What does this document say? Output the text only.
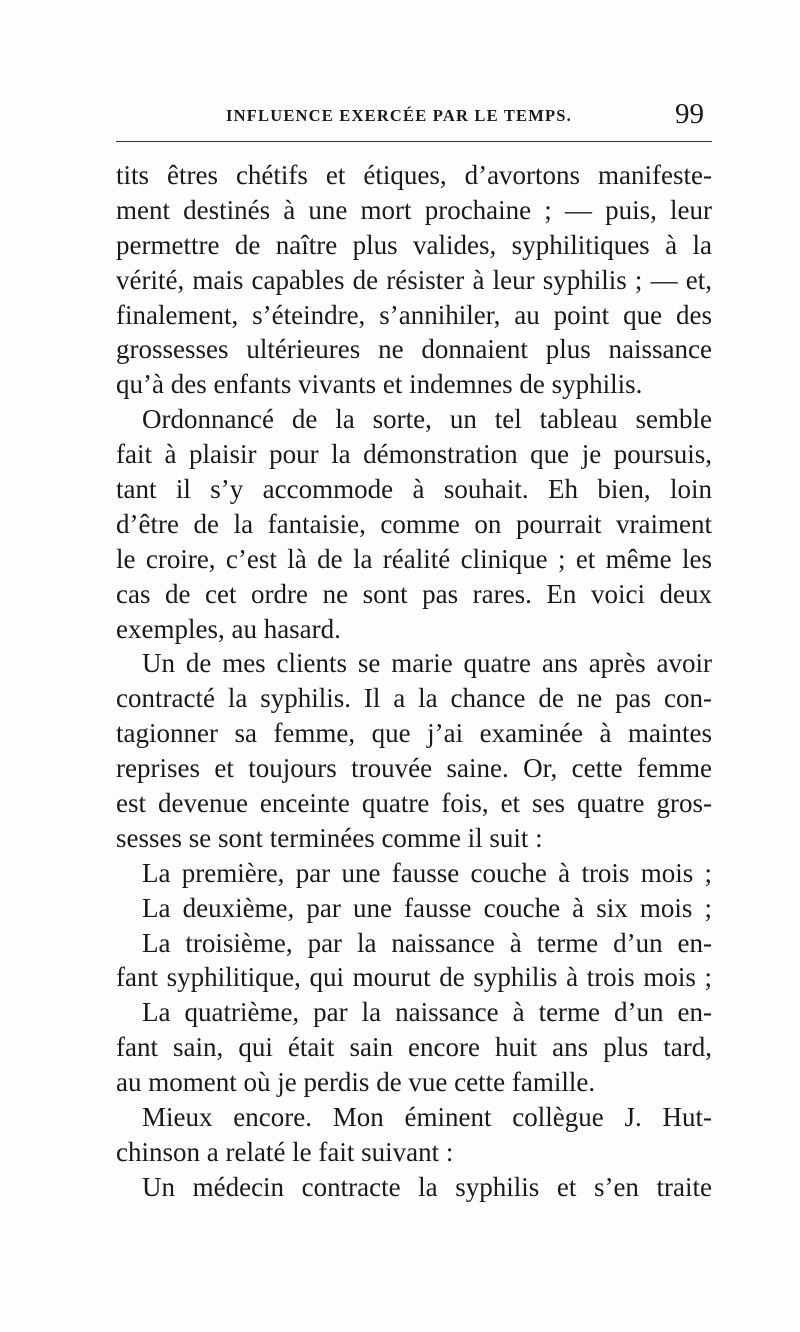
INFLUENCE EXERCÉE PAR LE TEMPS.	99
tits êtres chétifs et étiques, d’avortons manifeste-
ment destinés à une mort prochaine ; — puis, leur
permettre de naître plus valides, syphilitiques à la
vérité, mais capables de résister à leur syphilis ; — et,
finalement, s’éteindre, s’annihiler, au point que des
grossesses ultérieures ne donnaient plus naissance
qu’à des enfants vivants et indemnes de syphilis.
Ordonnancé de la sorte, un tel tableau semble
fait à plaisir pour la démonstration que je poursuis,
tant il s’y accommode à souhait. Eh bien, loin
d’être de la fantaisie, comme on pourrait vraiment
le croire, c’est là de la réalité clinique ; et même les
cas de cet ordre ne sont pas rares. En voici deux
exemples, au hasard.
Un de mes clients se marie quatre ans après avoir
contracté la syphilis. Il a la chance de ne pas con-
tagionner sa femme, que j’ai examinée à maintes
reprises et toujours trouvée saine. Or, cette femme
est devenue enceinte quatre fois, et ses quatre gros-
sesses se sont terminées comme il suit :
La première, par une fausse couche à trois mois ;
La deuxième, par une fausse couche à six mois ;
La troisième, par la naissance à terme d’un en-
fant syphilitique, qui mourut de syphilis à trois mois ;
La quatrième, par la naissance à terme d’un en-
fant sain, qui était sain encore huit ans plus tard,
au moment où je perdis de vue cette famille.
Mieux encore. Mon éminent collègue J. Hut-
chinson a relaté le fait suivant :
Un médecin contracte la syphilis et s’en traite
